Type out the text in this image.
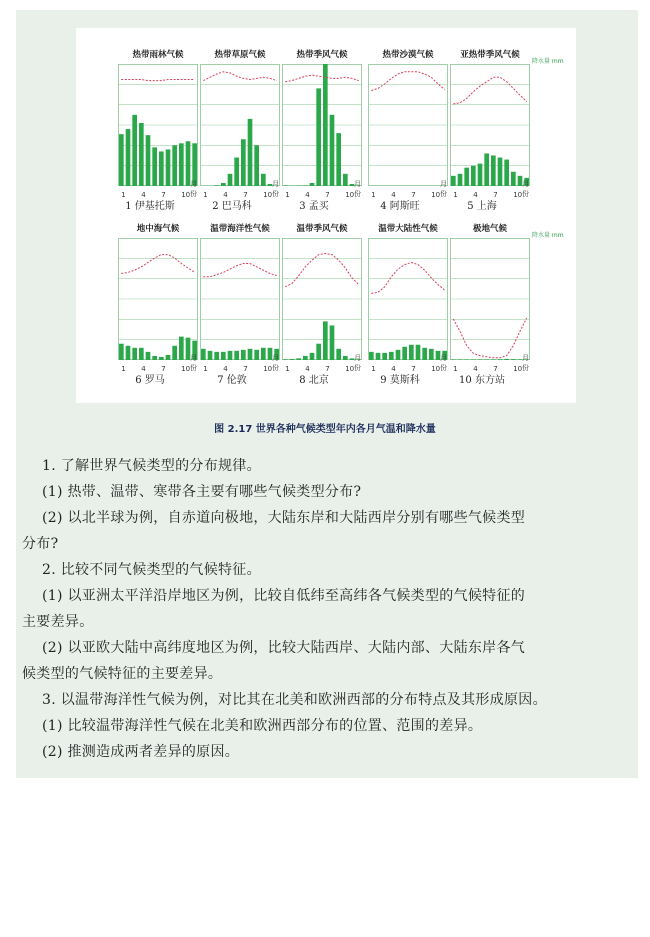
热带雨林气候
1 4 7 10
月份
1 伊基托斯
热带草原气候
1 4 7 10
月份
2 巴马科
热带季风气候
1 4 7 10
月份
3 孟买
热带沙漠气候
1 4 7 10
月份
4 阿斯旺
亚热带季风气候
1 4 7 10
月份
5 上海
地中海气候
1 4 7 10
月份
6 罗马
温带海洋性气候
1 4 7 10
月份
7 伦敦
温带季风气候
1 4 7 10
月份
8 北京
温带大陆性气候
1 4 7 10
月份
9 莫斯科
极地气候
1 4 7 10
月份
10 东方站
降水量 mm
降水量 mm
图 2.17 世界各种气候类型年内各月气温和降水量
1. 了解世界气候类型的分布规律。
(1) 热带、温带、寒带各主要有哪些气候类型分布?
(2) 以北半球为例，自赤道向极地，大陆东岸和大陆西岸分别有哪些气候类型
分布?
2. 比较不同气候类型的气候特征。
(1) 以亚洲太平洋沿岸地区为例，比较自低纬至高纬各气候类型的气候特征的
主要差异。
(2) 以亚欧大陆中高纬度地区为例，比较大陆西岸、大陆内部、大陆东岸各气
候类型的气候特征的主要差异。
3. 以温带海洋性气候为例，对比其在北美和欧洲西部的分布特点及其形成原因。
(1) 比较温带海洋性气候在北美和欧洲西部分布的位置、范围的差异。
(2) 推测造成两者差异的原因。
